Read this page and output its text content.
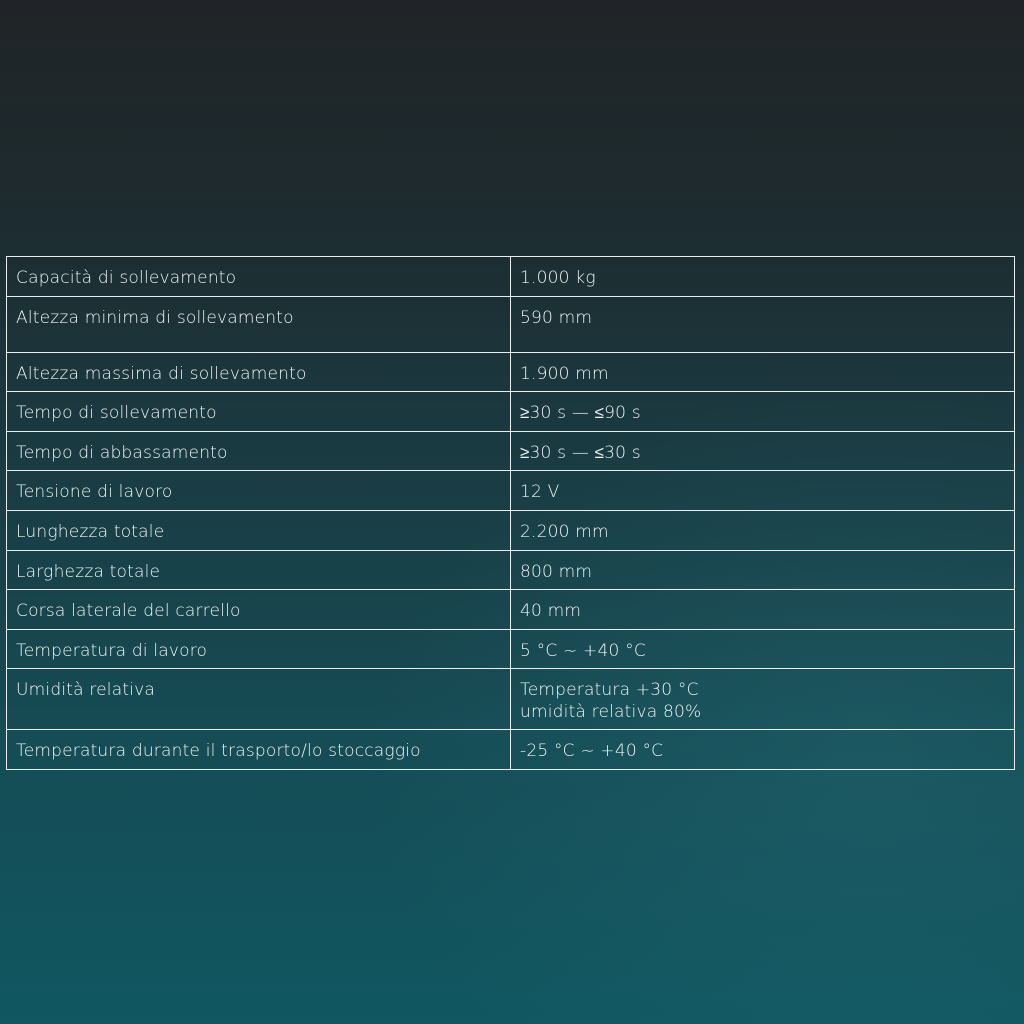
Capacità di sollevamento	1.000 kg
Altezza minima di sollevamento	590 mm
Altezza massima di sollevamento	1.900 mm
Tempo di sollevamento	≥30 s — ≤90 s
Tempo di abbassamento	≥30 s — ≤30 s
Tensione di lavoro	12 V
Lunghezza totale	2.200 mm
Larghezza totale	800 mm
Corsa laterale del carrello	40 mm
Temperatura di lavoro	5 °C ~ +40 °C
Umidità relativa	Temperatura +30 °C
umidità relativa 80%

Temperatura durante il trasporto/lo stoccaggio	-25 °C ~ +40 °C
